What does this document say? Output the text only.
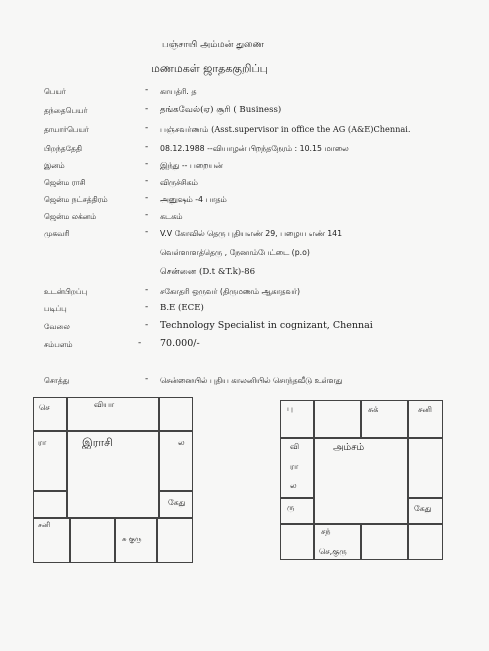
பஞ்சாயி அம்மன் துணை
மணமகள் ஜாதககுறிப்பு
பெயர்	- காயத்ரி. த
தந்தைபெயர்	- தங்கவேல்(ஏ) சூரி ( Business)
தாயார்பெயர்	- பஞ்சவர்ணம் (Asst.supervisor in office the AG (A&E)Chennai.
பிறந்ததேதி	- 08.12.1988 --வியாழன் பிறந்தநேரம் : 10.15 மாலை
இனம்	- இந்து -- பறையன்
ஜென்ம ராசி	- விருச்சிகம்
ஜென்ம நட்சத்திரம்	- அனுஷம் -4 பாதம்
ஜென்ம லக்னம்	- கடகம்
முகவரி	- V.V கோவில் தெரு புதியஎண் 29, பழைய எண் 141
வெள்ளாளத்தெரு , நேனாம்பேட்டை (p.o)
சென்னை (D.t &T.k)-86
உடன்பிறப்பு	- சகோதரி ஒருவர் (திருமணம் ஆகாதவர்)
படிப்பு	- B.E (ECE)
வேலை	- Technology Specialist in cognizant, Chennai
சம்பளம்	- 70.000/-
சொத்து	- சென்னையில் புதிய காலனியில் சொந்தவீடு உள்ளது
செ	வியா
ரா	இராசி	ல
கேது
சனி
சு குரு
பு	சுக்	சனி
வி
ரா
ல
ரு
அம்சம்
கேது
சந்
செ,குரு
